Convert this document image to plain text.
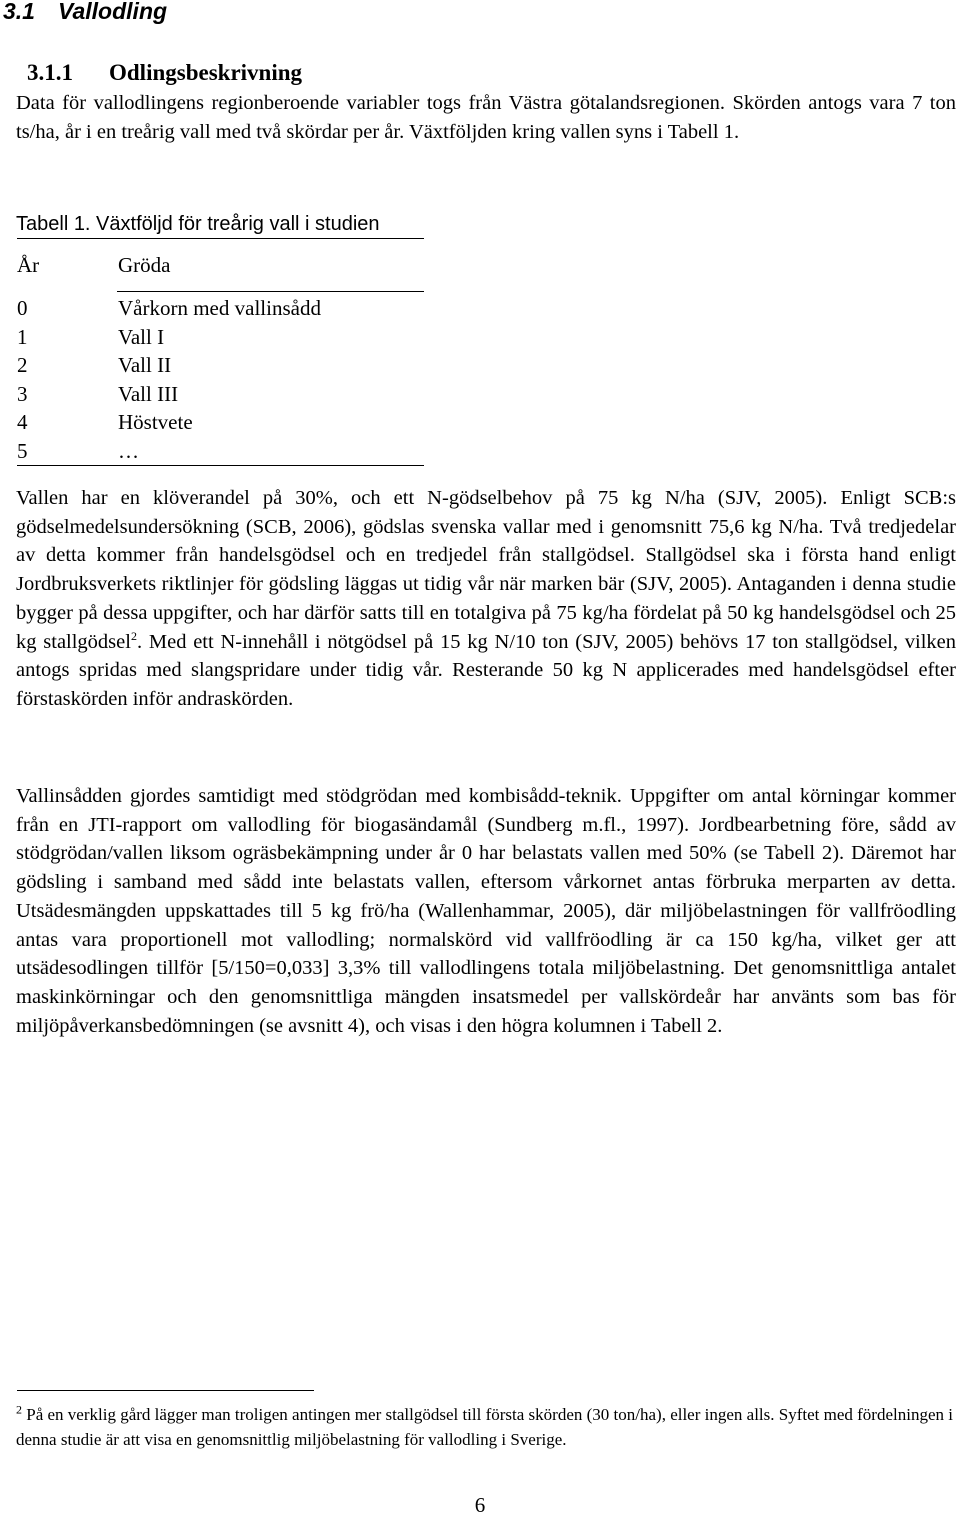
3.1 Vallodling
3.1.1 Odlingsbeskrivning

Data för vallodlingens regionberoende variabler togs från Västra götalandsregionen. Skörden antogs vara 7 ton ts/ha, år i en treårig vall med två skördar per år. Växtföljden kring vallen syns i Tabell 1.

Tabell 1. Växtföljd för treårig vall i studien

År	Gröda
0	Vårkorn med vallinsådd
1	Vall I
2	Vall II
3	Vall III
4	Höstvete
5	…

Vallen har en klöverandel på 30%, och ett N-gödselbehov på 75 kg N/ha (SJV, 2005). Enligt SCB:s gödselmedelsundersökning (SCB, 2006), gödslas svenska vallar med i genomsnitt 75,6 kg N/ha. Två tredjedelar av detta kommer från handelsgödsel och en tredjedel från stallgödsel. Stallgödsel ska i första hand enligt Jordbruksverkets riktlinjer för gödsling läggas ut tidig vår när marken bär (SJV, 2005). Antaganden i denna studie bygger på dessa uppgifter, och har därför satts till en totalgiva på 75 kg/ha fördelat på 50 kg handelsgödsel och 25 kg stallgödsel$^2$. Med ett N-innehåll i nötgödsel på 15 kg N/10 ton (SJV, 2005) behövs 17 ton stallgödsel, vilken antogs spridas med slangspridare under tidig vår. Resterande 50 kg N applicerades med handelsgödsel efter förstaskörden inför andraskörden.

Vallinsådden gjordes samtidigt med stödgrödan med kombisådd-teknik. Uppgifter om antal körningar kommer från en JTI-rapport om vallodling för biogasändamål (Sundberg m.fl., 1997). Jordbearbetning före, sådd av stödgrödan/vallen liksom ogräsbekämpning under år 0 har belastats vallen med 50% (se Tabell 2). Däremot har gödsling i samband med sådd inte belastats vallen, eftersom vårkornet antas förbruka merparten av detta. Utsädesmängden uppskattades till 5 kg frö/ha (Wallenhammar, 2005), där miljöbelastningen för vallfröodling antas vara proportionell mot vallodling; normalskörd vid vallfröodling är ca 150 kg/ha, vilket ger att utsädesodlingen tillför [5/150=0,033] 3,3% till vallodlingens totala miljöbelastning. Det genomsnittliga antalet maskinkörningar och den genomsnittliga mängden insatsmedel per vallskördeår har använts som bas för miljöpåverkansbedömningen (se avsnitt 4), och visas i den högra kolumnen i Tabell 2.

$^2$ På en verklig gård lägger man troligen antingen mer stallgödsel till första skörden (30 ton/ha), eller ingen alls. Syftet med fördelningen i denna studie är att visa en genomsnittlig miljöbelastning för vallodling i Sverige.

6
